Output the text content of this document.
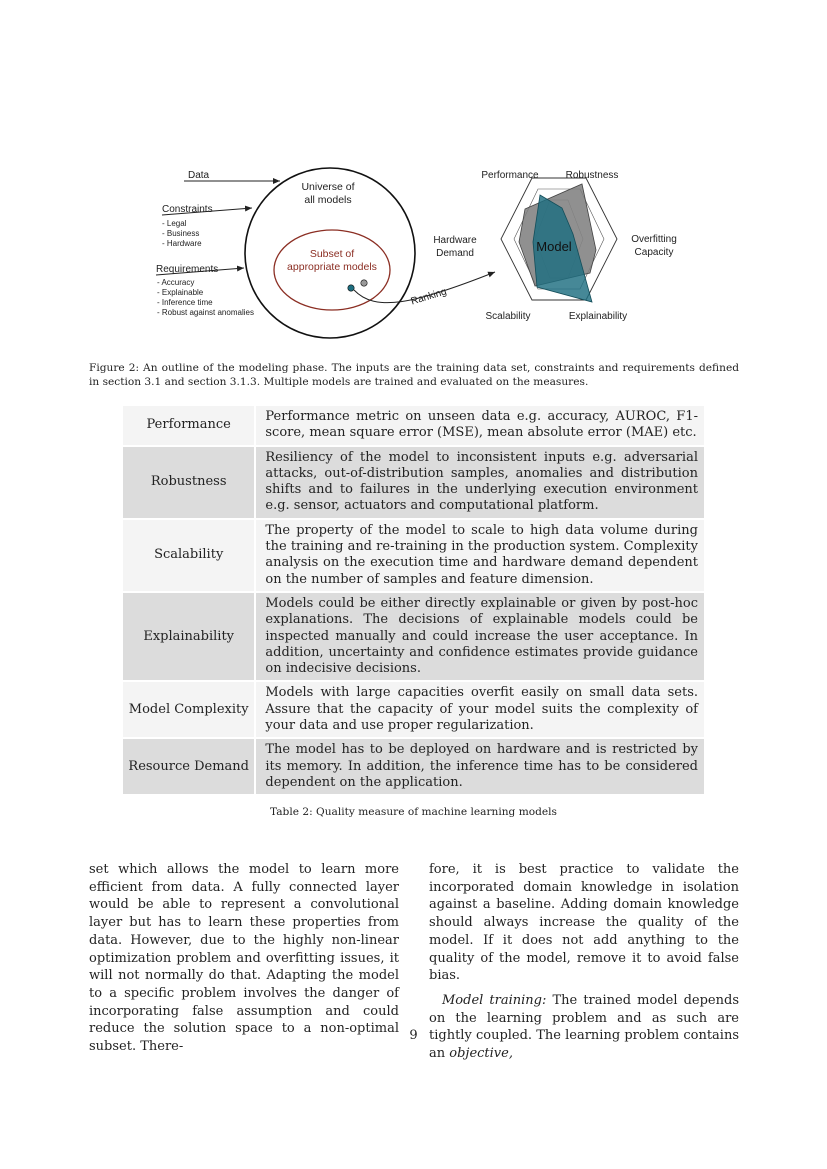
Data
Constraints
- Legal
- Business
- Hardware
Requirements
- Accuracy
- Explainable
- Inference time
- Robust against anomalies
Universe of
all models
Subset of
appropriate models
Ranking
Model
Performance	Robustness
Overfitting
Capacity
Explainability
Scalability
Hardware
Demand
Figure 2: An outline of the modeling phase. The inputs are the training data set, constraints and requirements defined in section 3.1 and section 3.1.3. Multiple models are trained and evaluated on the measures.
Performance	Performance metric on unseen data e.g. accuracy, AUROC, F1-score, mean square error (MSE), mean absolute error (MAE) etc.
Robustness	Resiliency of the model to inconsistent inputs e.g. adversarial attacks, out-of-distribution samples, anomalies and distribution shifts and to failures in the underlying execution environment e.g. sensor, actuators and computational platform.
Scalability	The property of the model to scale to high data volume during the training and re-training in the production system. Complexity analysis on the execution time and hardware demand dependent on the number of samples and feature dimension.
Explainability	Models could be either directly explainable or given by post-hoc explanations. The decisions of explainable models could be inspected manually and could increase the user acceptance. In addition, uncertainty and confidence estimates provide guidance on indecisive decisions.
Model Complexity	Models with large capacities overfit easily on small data sets. Assure that the capacity of your model suits the complexity of your data and use proper regularization.
Resource Demand	The model has to be deployed on hardware and is restricted by its memory. In addition, the inference time has to be considered dependent on the application.
Table 2: Quality measure of machine learning models
set which allows the model to learn more efficient from data. A fully connected layer would be able to represent a convolutional layer but has to learn these properties from data. However, due to the highly non-linear optimization problem and overfitting issues, it will not normally do that. Adapting the model to a specific problem involves the danger of incorporating false assumption and could reduce the solution space to a non-optimal subset. There-

fore, it is best practice to validate the incorporated domain knowledge in isolation against a baseline. Adding domain knowledge should always increase the quality of the model. If it does not add anything to the quality of the model, remove it to avoid false bias.

Model training: The trained model depends on the learning problem and as such are tightly coupled. The learning problem contains an objective,

9
